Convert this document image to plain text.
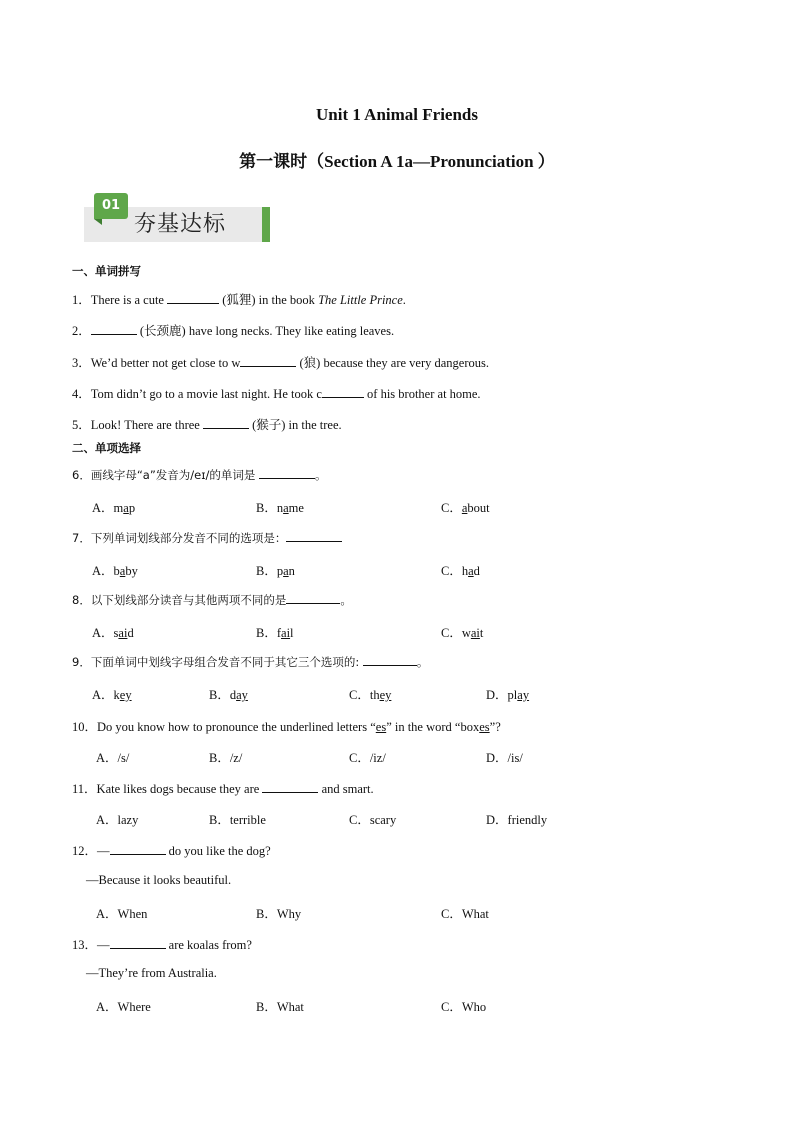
Unit 1 Animal Friends
第一课时（Section A 1a—Pronunciation ）
01
夯基达标
一、单词拼写
1．There is a cute	(狐狸) in the book The Little Prince.
2．	(长颈鹿) have long necks. They like eating leaves.
3．We’d better not get close to w	(狼) because they are very dangerous.
4．Tom didn’t go to a movie last night. He took c	of his brother at home.
5．Look! There are three	(猴子) in the tree.
二、单项选择
6．画线字母“a”发音为/eɪ/的单词是	。
A．map	B．name	C．about
7．下列单词划线部分发音不同的选项是：
A．baby	B．pan	C．had
8．以下划线部分读音与其他两项不同的是	。
A．said	B．fail	C．wait
9．下面单词中划线字母组合发音不同于其它三个选项的:	。
A．key	B．day	C．they	D．play
10．Do you know how to pronounce the underlined letters “es” in the word “boxes”?
A．/s/	B．/z/	C．/iz/	D．/is/
11．Kate likes dogs because they are	and smart.
A．lazy	B．terrible	C．scary	D．friendly
12．—	do you like the dog?
—Because it looks beautiful.
A．When	B．Why	C．What
13．—	are koalas from?
—They’re from Australia.
A．Where	B．What	C．Who
